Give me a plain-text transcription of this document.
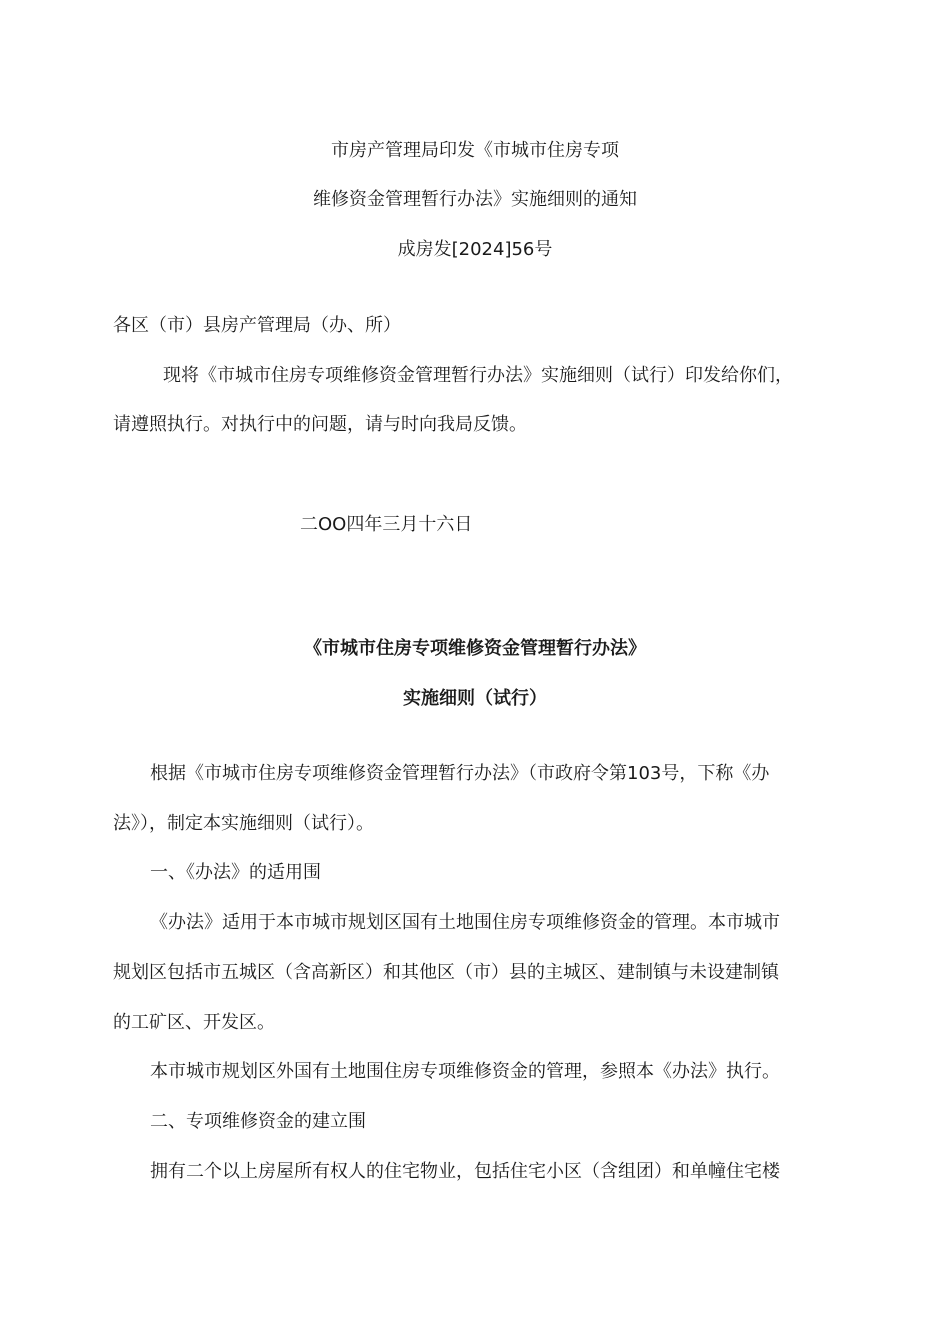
市房产管理局印发《市城市住房专项
维修资金管理暂行办法》实施细则的通知
成房发[2024]56号
各区（市）县房产管理局（办、所）
现将《市城市住房专项维修资金管理暂行办法》实施细则（试行）印发给你们，
请遵照执行。对执行中的问题，请与时向我局反馈。
二OO四年三月十六日
《市城市住房专项维修资金管理暂行办法》
实施细则（试行）
根据《市城市住房专项维修资金管理暂行办法》（市政府令第103号，下称《办
法》），制定本实施细则（试行）。
一、《办法》的适用围
《办法》适用于本市城市规划区国有土地围住房专项维修资金的管理。本市城市
规划区包括市五城区（含高新区）和其他区（市）县的主城区、建制镇与未设建制镇
的工矿区、开发区。
本市城市规划区外国有土地围住房专项维修资金的管理，参照本《办法》执行。
二、专项维修资金的建立围
拥有二个以上房屋所有权人的住宅物业，包括住宅小区（含组团）和单幢住宅楼
